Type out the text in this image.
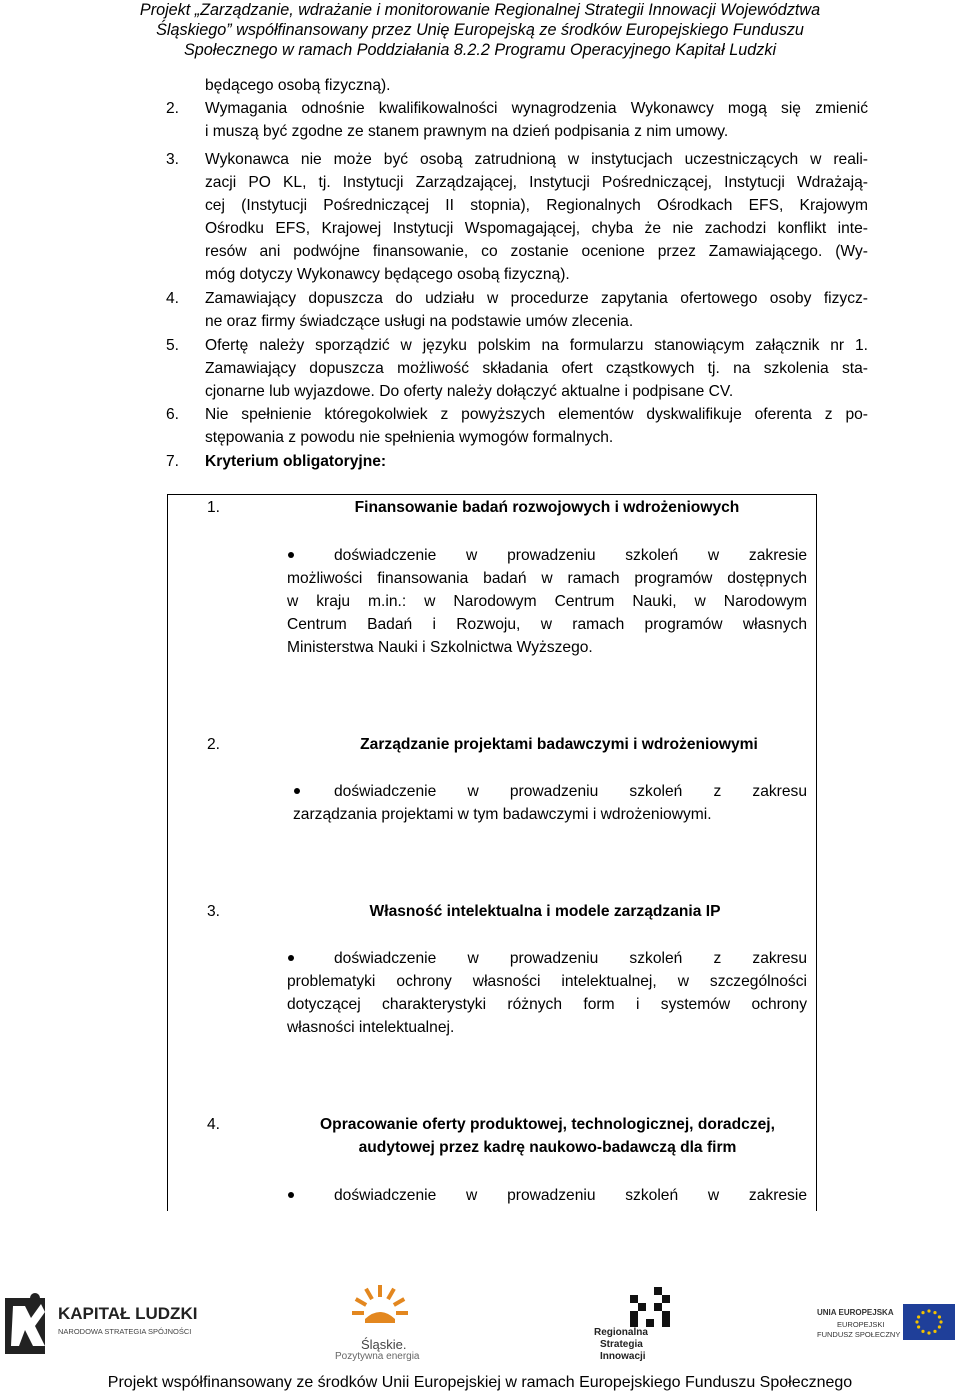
Projekt „Zarządzanie, wdrażanie i monitorowanie Regionalnej Strategii Innowacji Województwa
Śląskiego” współfinansowany przez Unię Europejską ze środków Europejskiego Funduszu
Społecznego w ramach Poddziałania 8.2.2 Programu Operacyjnego Kapitał Ludzki
będącego osobą fizyczną).
2. Wymagania odnośnie kwalifikowalności wynagrodzenia Wykonawcy mogą się zmienić
i muszą być zgodne ze stanem prawnym na dzień podpisania z nim umowy.
3. Wykonawca nie może być osobą zatrudnioną w instytucjach uczestniczących w reali-
zacji PO KL, tj. Instytucji Zarządzającej, Instytucji Pośredniczącej, Instytucji Wdrażają-
cej (Instytucji Pośredniczącej II stopnia), Regionalnych Ośrodkach EFS, Krajowym
Ośrodku EFS, Krajowej Instytucji Wspomagającej, chyba że nie zachodzi konflikt inte-
resów ani podwójne finansowanie, co zostanie ocenione przez Zamawiającego. (Wy-
móg dotyczy Wykonawcy będącego osobą fizyczną).
4. Zamawiający dopuszcza do udziału w procedurze zapytania ofertowego osoby fizycz-
ne oraz firmy świadczące usługi na podstawie umów zlecenia.
5. Ofertę należy sporządzić w języku polskim na formularzu stanowiącym załącznik nr 1.
Zamawiający dopuszcza możliwość składania ofert cząstkowych tj. na szkolenia sta-
cjonarne lub wyjazdowe. Do oferty należy dołączyć aktualne i podpisane CV.
6. Nie spełnienie któregokolwiek z powyższych elementów dyskwalifikuje oferenta z po-
stępowania z powodu nie spełnienia wymogów formalnych.
7. Kryterium obligatoryjne:
1.	Finansowanie badań rozwojowych i wdrożeniowych
doświadczenie w prowadzeniu szkoleń w zakresie
możliwości finansowania badań w ramach programów dostępnych
w kraju m.in.: w Narodowym Centrum Nauki, w Narodowym
Centrum Badań i Rozwoju, w ramach programów własnych
Ministerstwa Nauki i Szkolnictwa Wyższego.
2.	Zarządzanie projektami badawczymi i wdrożeniowymi
doświadczenie w prowadzeniu szkoleń z zakresu
zarządzania projektami w tym badawczymi i wdrożeniowymi.
3.	Własność intelektualna i modele zarządzania IP
doświadczenie w prowadzeniu szkoleń z zakresu
problematyki ochrony własności intelektualnej, w szczególności
dotyczącej charakterystyki różnych form i systemów ochrony
własności intelektualnej.
4.	Opracowanie oferty produktowej, technologicznej, doradczej,
audytowej przez kadrę naukowo-badawczą dla firm
doświadczenie w prowadzeniu szkoleń w zakresie
KAPITAŁ LUDZKI
NARODOWA STRATEGIA SPÓJNOŚCI
Śląskie.
Pozytywna energia
Regionalna
Strategia
Innowacji
UNIA EUROPEJSKA
EUROPEJSKI
FUNDUSZ SPOŁECZNY
Projekt współfinansowany ze środków Unii Europejskiej w ramach Europejskiego Funduszu Społecznego
